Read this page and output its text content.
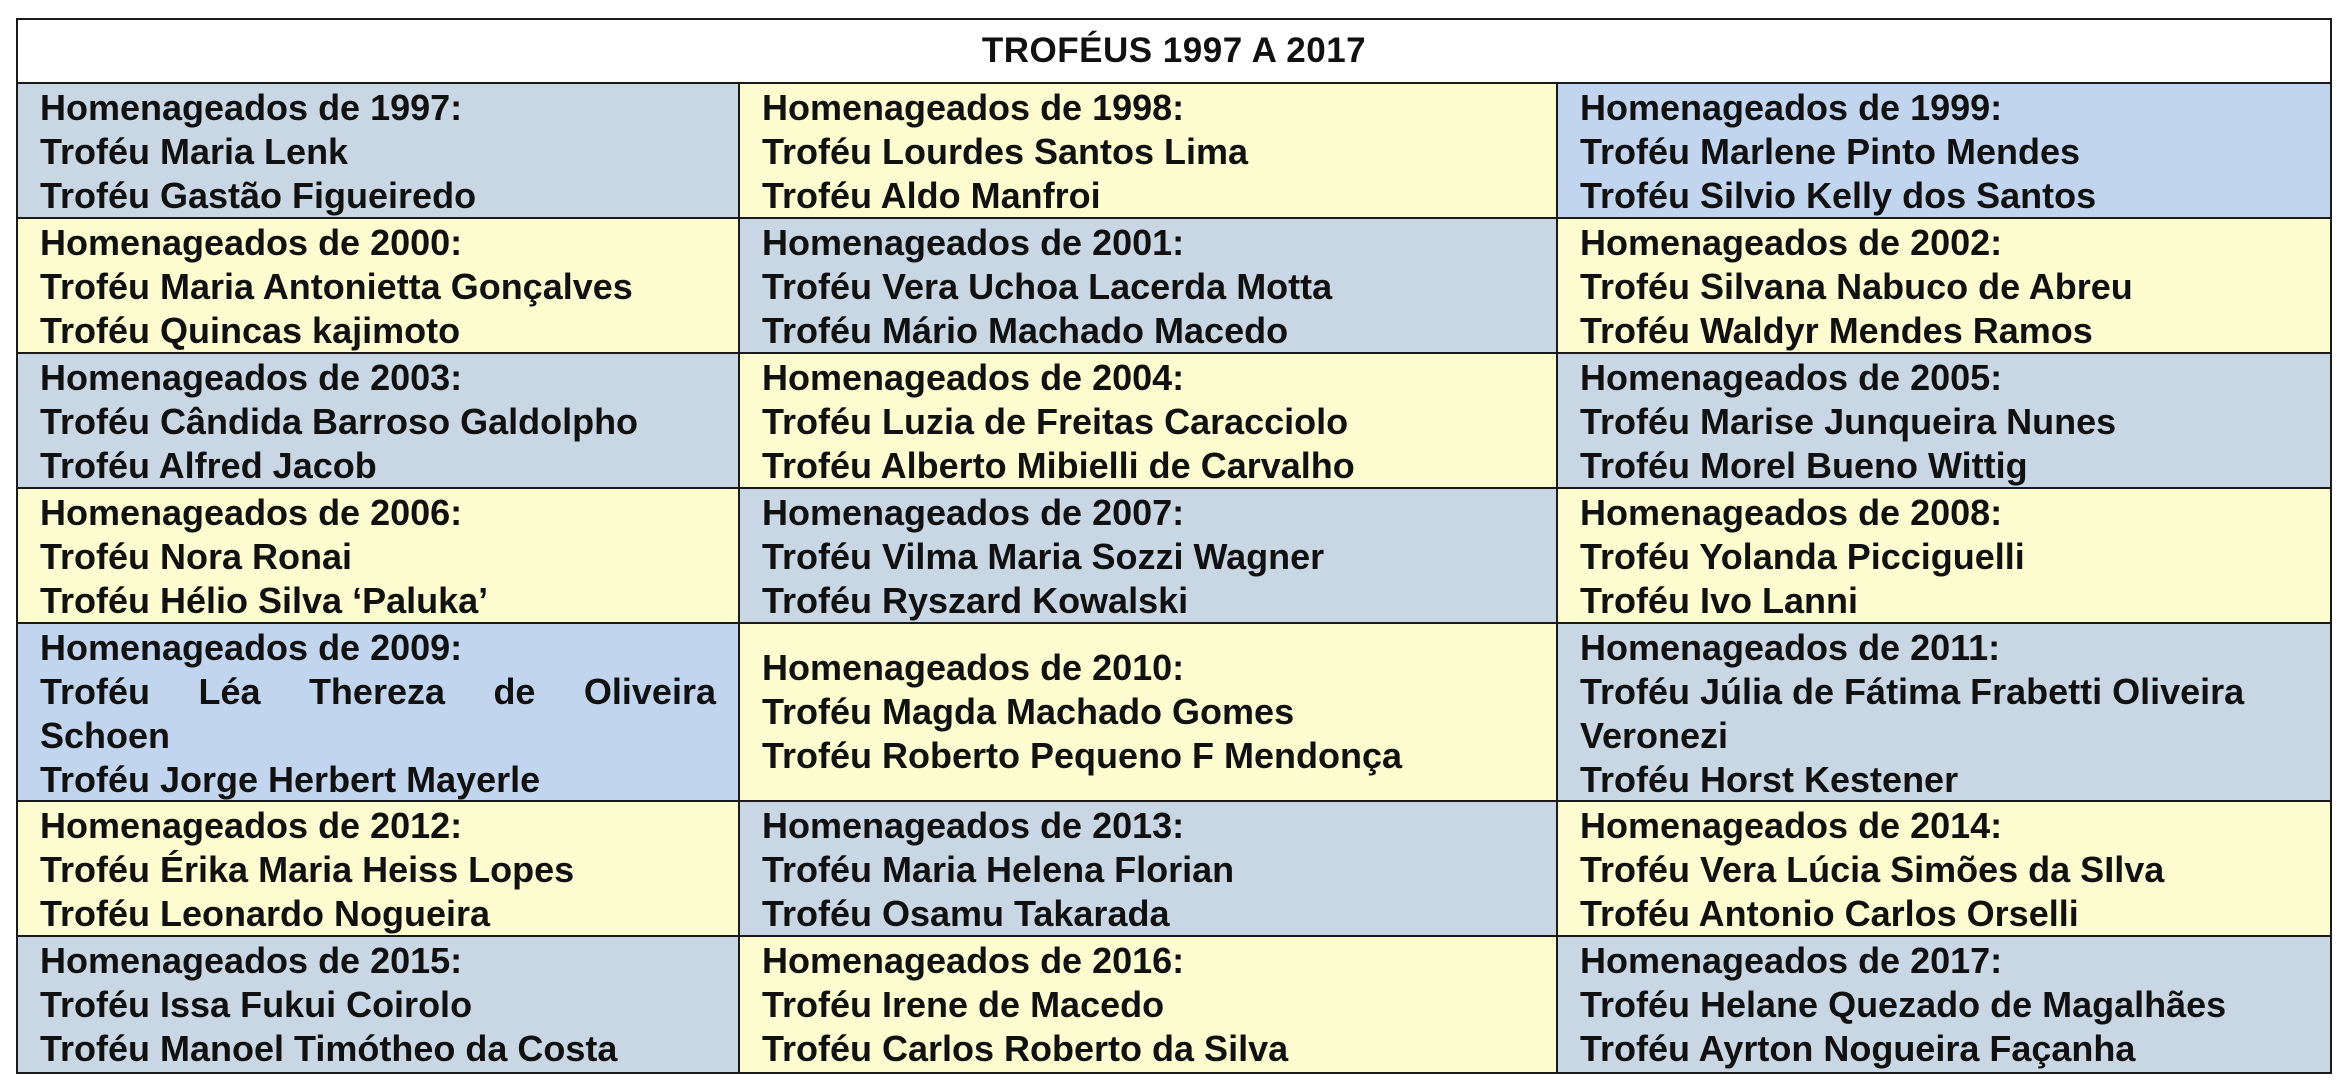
TROFÉUS 1997 A 2017
Homenageados de 1997:
Troféu Maria Lenk
Troféu Gastão Figueiredo
Homenageados de 1998:
Troféu Lourdes Santos Lima
Troféu Aldo Manfroi
Homenageados de 1999:
Troféu Marlene Pinto Mendes
Troféu Silvio Kelly dos Santos
Homenageados de 2000:
Troféu Maria Antonietta Gonçalves
Troféu Quincas kajimoto
Homenageados de 2001:
Troféu Vera Uchoa Lacerda Motta
Troféu Mário Machado Macedo
Homenageados de 2002:
Troféu Silvana Nabuco de Abreu
Troféu Waldyr Mendes Ramos
Homenageados de 2003:
Troféu Cândida Barroso Galdolpho
Troféu Alfred Jacob
Homenageados de 2004:
Troféu Luzia de Freitas Caracciolo
Troféu Alberto Mibielli de Carvalho
Homenageados de 2005:
Troféu Marise Junqueira Nunes
Troféu Morel Bueno Wittig
Homenageados de 2006:
Troféu Nora Ronai
Troféu Hélio Silva ‘Paluka’
Homenageados de 2007:
Troféu Vilma Maria Sozzi Wagner
Troféu Ryszard Kowalski
Homenageados de 2008:
Troféu Yolanda Picciguelli
Troféu Ivo Lanni
Homenageados de 2009:
Troféu Léa Thereza de Oliveira
Schoen
Troféu Jorge Herbert Mayerle
Homenageados de 2010:
Troféu Magda Machado Gomes
Troféu Roberto Pequeno F Mendonça
Homenageados de 2011:
Troféu Júlia de Fátima Frabetti Oliveira
Veronezi
Troféu Horst Kestener
Homenageados de 2012:
Troféu Érika Maria Heiss Lopes
Troféu Leonardo Nogueira
Homenageados de 2013:
Troféu Maria Helena Florian
Troféu Osamu Takarada
Homenageados de 2014:
Troféu Vera Lúcia Simões da SIlva
Troféu Antonio Carlos Orselli
Homenageados de 2015:
Troféu Issa Fukui Coirolo
Troféu Manoel Timótheo da Costa
Homenageados de 2016:
Troféu Irene de Macedo
Troféu Carlos Roberto da Silva
Homenageados de 2017:
Troféu Helane Quezado de Magalhães
Troféu Ayrton Nogueira Façanha
